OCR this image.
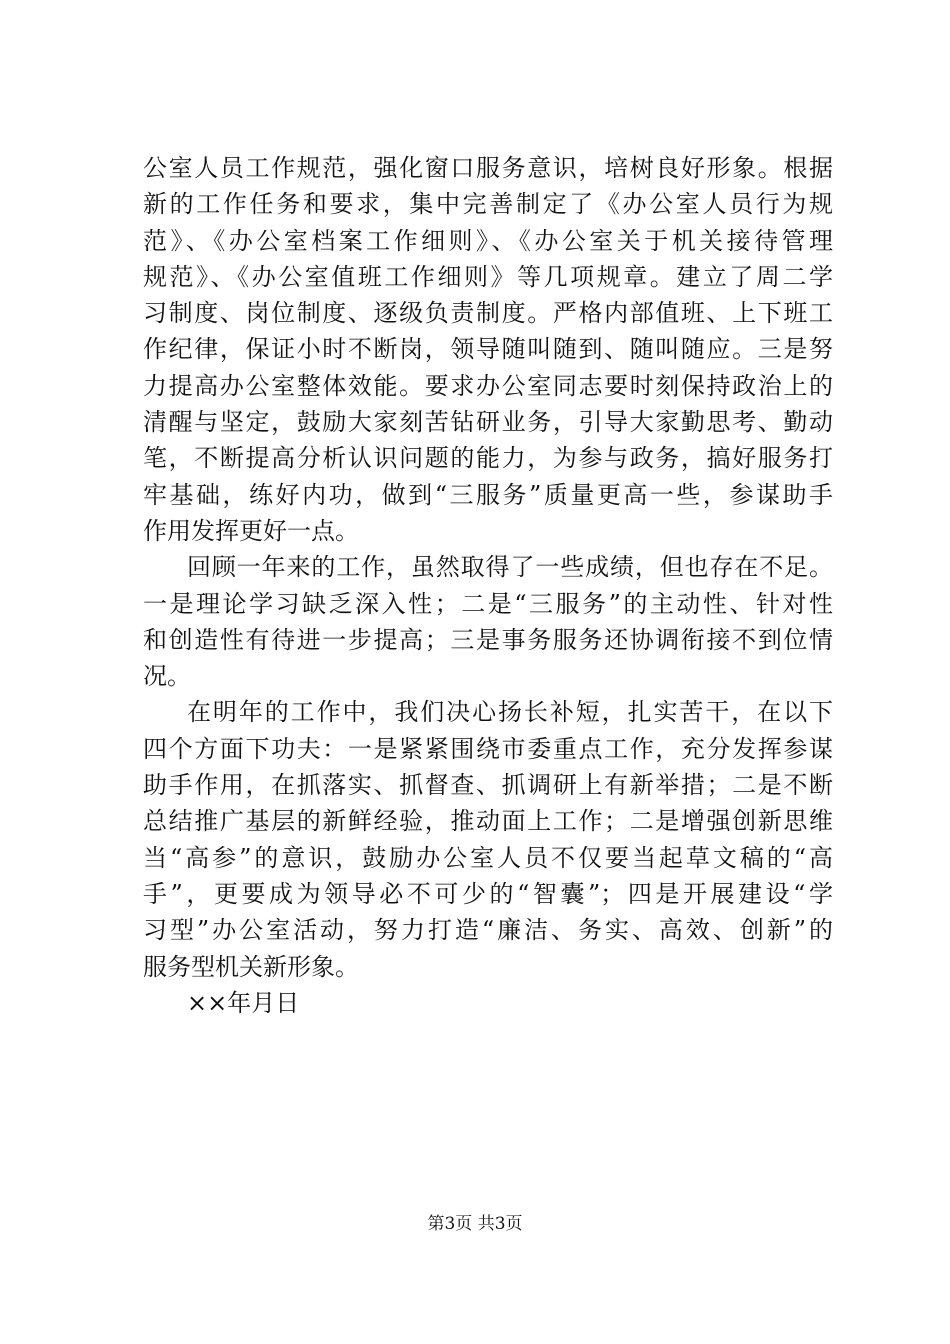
公室人员工作规范，强化窗口服务意识，培树良好形象。根据
新的工作任务和要求，集中完善制定了《办公室人员行为规
范》、《办公室档案工作细则》、《办公室关于机关接待管理
规范》、《办公室值班工作细则》等几项规章。建立了周二学
习制度、岗位制度、逐级负责制度。严格内部值班、上下班工
作纪律，保证小时不断岗，领导随叫随到、随叫随应。三是努
力提高办公室整体效能。要求办公室同志要时刻保持政治上的
清醒与坚定，鼓励大家刻苦钻研业务，引导大家勤思考、勤动
笔，不断提高分析认识问题的能力，为参与政务，搞好服务打
牢基础，练好内功，做到“三服务”质量更高一些，参谋助手
作用发挥更好一点。
回顾一年来的工作，虽然取得了一些成绩，但也存在不足。
一是理论学习缺乏深入性；二是“三服务”的主动性、针对性
和创造性有待进一步提高；三是事务服务还协调衔接不到位情
况。
在明年的工作中，我们决心扬长补短，扎实苦干，在以下
四个方面下功夫：一是紧紧围绕市委重点工作，充分发挥参谋
助手作用，在抓落实、抓督查、抓调研上有新举措；二是不断
总结推广基层的新鲜经验，推动面上工作；二是增强创新思维
当“高参”的意识，鼓励办公室人员不仅要当起草文稿的“高
手”，更要成为领导必不可少的“智囊”；四是开展建设“学
习型”办公室活动，努力打造“廉洁、务实、高效、创新”的
服务型机关新形象。
××年月日
第3页 共3页
